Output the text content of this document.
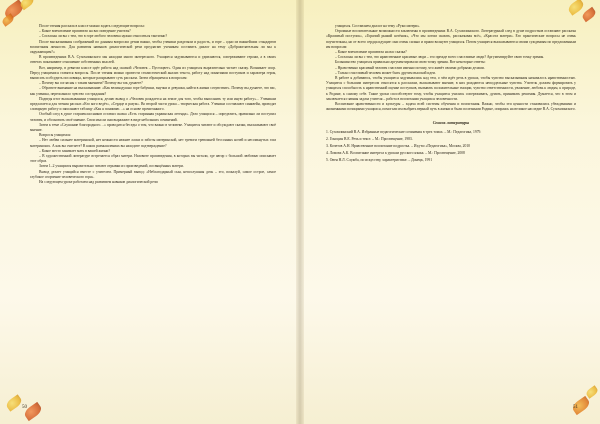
После чтения рассказа в классе можно задать следующие вопросы:

– Какое впечатление произвело на вас поведение учителя?

– Согласны ли вы с тем, что в горе любого человека нужно относиться тактично?

После высказывания соображений по данным вопросам детям важно, чтобы ученики разделяли и радость, и горе – одно из важнейших стандартов воспитания личности. Для развития навыков диалогической речи предлагаю ученикам составить диалог на тему «Доброжелательны ли мы к окружающим?»

В произведениях В.А. Сухомлинского мы находим много интересного. Учащиеся задумываются и удивляются, сопереживают героям, а в своих ответах показывают отношение собственных мыслей.

Вот, например, в девятом классе идёт работа над сказкой «Человек – Пустоцвет». Один из учащихся выразительно читает сказку. Возникает спор. Перед учащимися ставятся вопросы. После чтения можно провести стилистический анализ текста, работу над понятиями поступков и характера героя, выписать и обсудить пословицы, которые раскрывают суть рассказа. Затем обращаемся к вопросам:

– Почему вы согласны с таким мнением? Почему вы так думаете?

– Обратите внимание на высказывание: «Как великодушно горе бабушки, внучки и девушки, найти в жизни сочувствие». Почему вы думаете, что вас, как ученика, переполнило чувство сострадания?

Подведя итог высказываниям учащихся, делаю вывод о «Человек рождается на земле для того, чтобы выполнить ту или иную работу»... Ученикам предлагается для чтения рассказ «Кто кого ведёт», «Сердце и разум». Во второй части урока – творческая работа. Ученики составляют синквейн, проводят словарную работу и заполняют таблицу «Как я понимаю…» на основе прочитанного.

Особый след в душе старшеклассников оставил сказка «Есть старинная украинская легенда». Дело учащихся – определить, правильно ли поступил человек, и обосновать своё мнение. Свои мысли они выражают в виде небольших сочинений.

Затем к теме «Слушание благородного…» проводятся беседы о том, что важно в человеке. Учащиеся читают и обсуждают сказки, высказывают своё мнение.

Вопросы учащимся:

– Нет любви сильнее материнской, нет нежности нежнее ласки и заботы материнской, нет тревоги тревожней бессонных ночей и несомкнутых глаз материнских. А как вы считаете? В каких размышлениях вы находите подтверждение?

– Какое место занимает мать в вашей жизни?

– В художественной литературе встречается образ матери. Назовите произведения, в которых вы читали, где автор с большой любовью описывает этот образ.

Затем 1–2 учащимся выразительно читают отрывки из произведений, посвящённых матери.

Вывод делает учащийся вместе с учителем. Примерный вывод: «Неблагодарный сын, непослушная дочь – это, пожалуй, самое острое, самое глубокое огорчение человеческого горя».

На следующем уроке работаем над развитием навыков диалогической речи

50

учащихся. Составляем диалог на тему «Руки матери».

Огромные воспитательные возможности заключены в произведениях В.А. Сухомлинского. Литературный след в душе подростков оставляют рассказы «Красивый поступок», «Горячий рыжий котёнок», «Что мы хотим сказать, рассказывая всё», «Красота матери». Его практические вопросы не очень поучительны, но от всего сердца идущие: они очень сильно и прямо волнуют учащихся. Потом учащиеся высказываются своим суждениям по предложенным им вопросам:

– Какое впечатление произвела на вас сказка?

– Согласны ли вы с тем, что нравственное красивые люди – это прежде всего счастливые люди? Аргументируйте свою точку зрения.

Большинство учащихся правильно аргументировали свою точку зрения. Вот некоторые ответы:

– Нравственно красивый человек счастлив именно потому, что живёт своими добрыми делами.

– Только счастливый человек может быть другим высокой идеи.

В работе я добиваюсь, чтобы учащиеся задумывались над тем, о чём идёт речь в уроках, чтобы чувство высказывания называлось нравственностью. Учащиеся с большим интересом относятся к рассказам, высказывают мнение, в них рождаются неподдельные чувства. Учитель должен формировать у учащихся способность к нравственной оценке поступков, вызывать положительные эмоции, чувство ответственности, уважение, любовь к людям, к природе, к Родине, к самому себе. Такие уроки способствуют тому, чтобы учащиеся учились сопереживать, думать, принимать решения. Думается, что в этом и заключается главная задача учителя – работа в воспитании учащихся человечности.

Воспитание нравственности и культуры – задача всей системы обучения и воспитания. Важно, чтобы эти ценности становились убеждениями и жизненными позициями учащихся, помогали им выбрать верный путь в жизни и были полезными Родине, опираясь на великое наследие В.А. Сухомлинского.

Список литературы

1. Сухомлинский В.А. Избранные педагогические сочинения в трех томах. – М.: Педагогика, 1979.

2. Гоноцин В.Е. Речь и текст. – М.: Просвещение, 1983.

3. Кочетов А.Н. Нравственное воспитание подростка. – Изд-во «Педагогика», Москва, 2010

4. Ломова А.К. Воспитание интереса к урокам русского языка. – М.: Просвещение, 2008

5. Овен Н.Л. Служба, по искусству, характеристике. – Донецк, 1991

51
